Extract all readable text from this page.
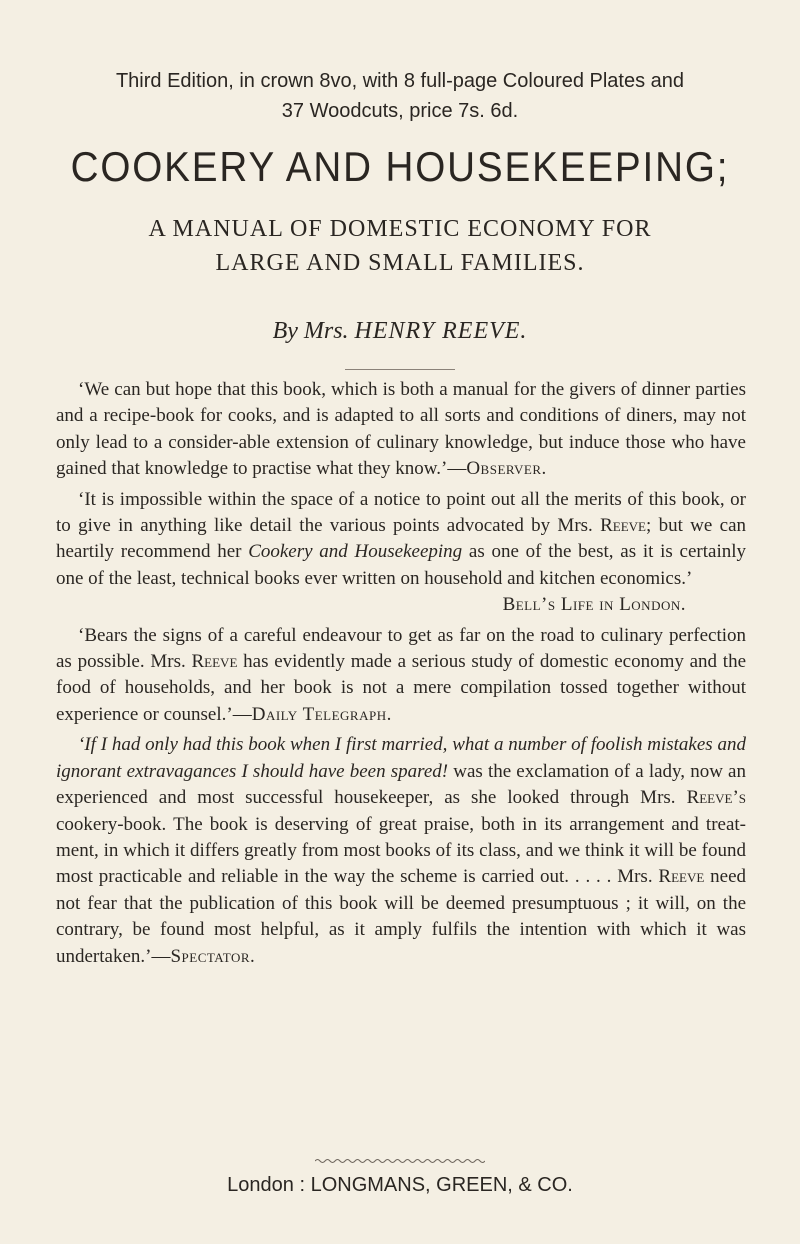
Third Edition, in crown 8vo, with 8 full-page Coloured Plates and
37 Woodcuts, price 7s. 6d.
COOKERY AND HOUSEKEEPING;
A MANUAL OF DOMESTIC ECONOMY FOR
LARGE AND SMALL FAMILIES.
By Mrs. HENRY REEVE.

‘We can but hope that this book, which is both a manual for the givers of dinner parties and a recipe-book for cooks, and is adapted to all sorts and conditions of diners, may not only lead to a consider-able extension of culinary knowledge, but induce those who have gained that knowledge to practise what they know.’—Observer.

‘It is impossible within the space of a notice to point out all the merits of this book, or to give in anything like detail the various points advocated by Mrs. Reeve; but we can heartily recommend her Cookery and Housekeeping as one of the best, as it is certainly one of the least, technical books ever written on household and kitchen economics.’

Bell’s Life in London.

‘Bears the signs of a careful endeavour to get as far on the road to culinary perfection as possible. Mrs. Reeve has evidently made a serious study of domestic economy and the food of households, and her book is not a mere compilation tossed together without experience or counsel.’—Daily Telegraph.

‘If I had only had this book when I first married, what a number of foolish mistakes and ignorant extravagances I should have been spared! was the exclamation of a lady, now an experienced and most successful housekeeper, as she looked through Mrs. Reeve’s cookery-book. The book is deserving of great praise, both in its arrangement and treat-ment, in which it differs greatly from most books of its class, and we think it will be found most practicable and reliable in the way the scheme is carried out. . . . . Mrs. Reeve need not fear that the publication of this book will be deemed presumptuous ; it will, on the contrary, be found most helpful, as it amply fulfils the intention with which it was undertaken.’—Spectator.

London : LONGMANS, GREEN, & CO.
